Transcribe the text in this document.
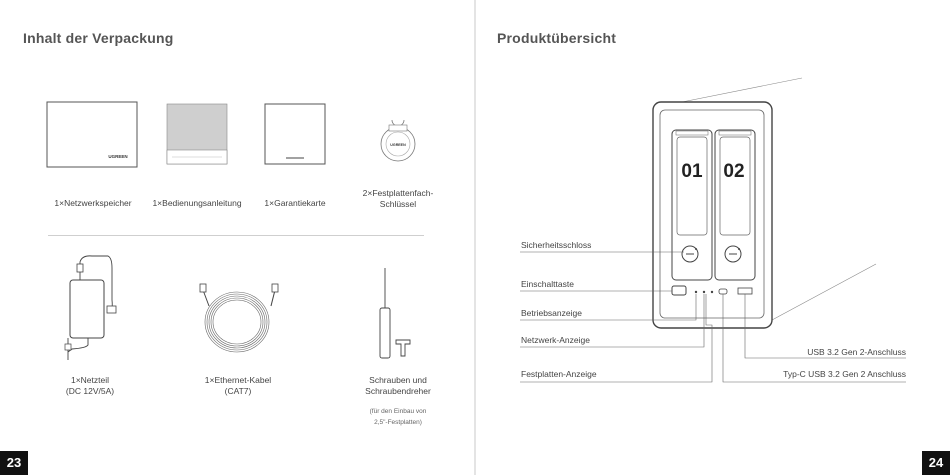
Inhalt der Verpackung
UGREEN
UGREEN
1×Netzwerkspeicher	1×Bedienungsanleitung	1×Garantiekarte
2×Festplattenfach-
Schlüssel
1×Netzteil
(DC 12V/5A)
1×Ethernet-Kabel
(CAT7)
Schrauben und
Schraubendreher
(für den Einbau von
2,5"-Festplatten)
23
Produktübersicht
01 02
Sicherheitsschloss
Einschalttaste
Betriebsanzeige
Netzwerk-Anzeige
Festplatten-Anzeige
USB 3.2 Gen 2-Anschluss
Typ-C USB 3.2 Gen 2 Anschluss
24
